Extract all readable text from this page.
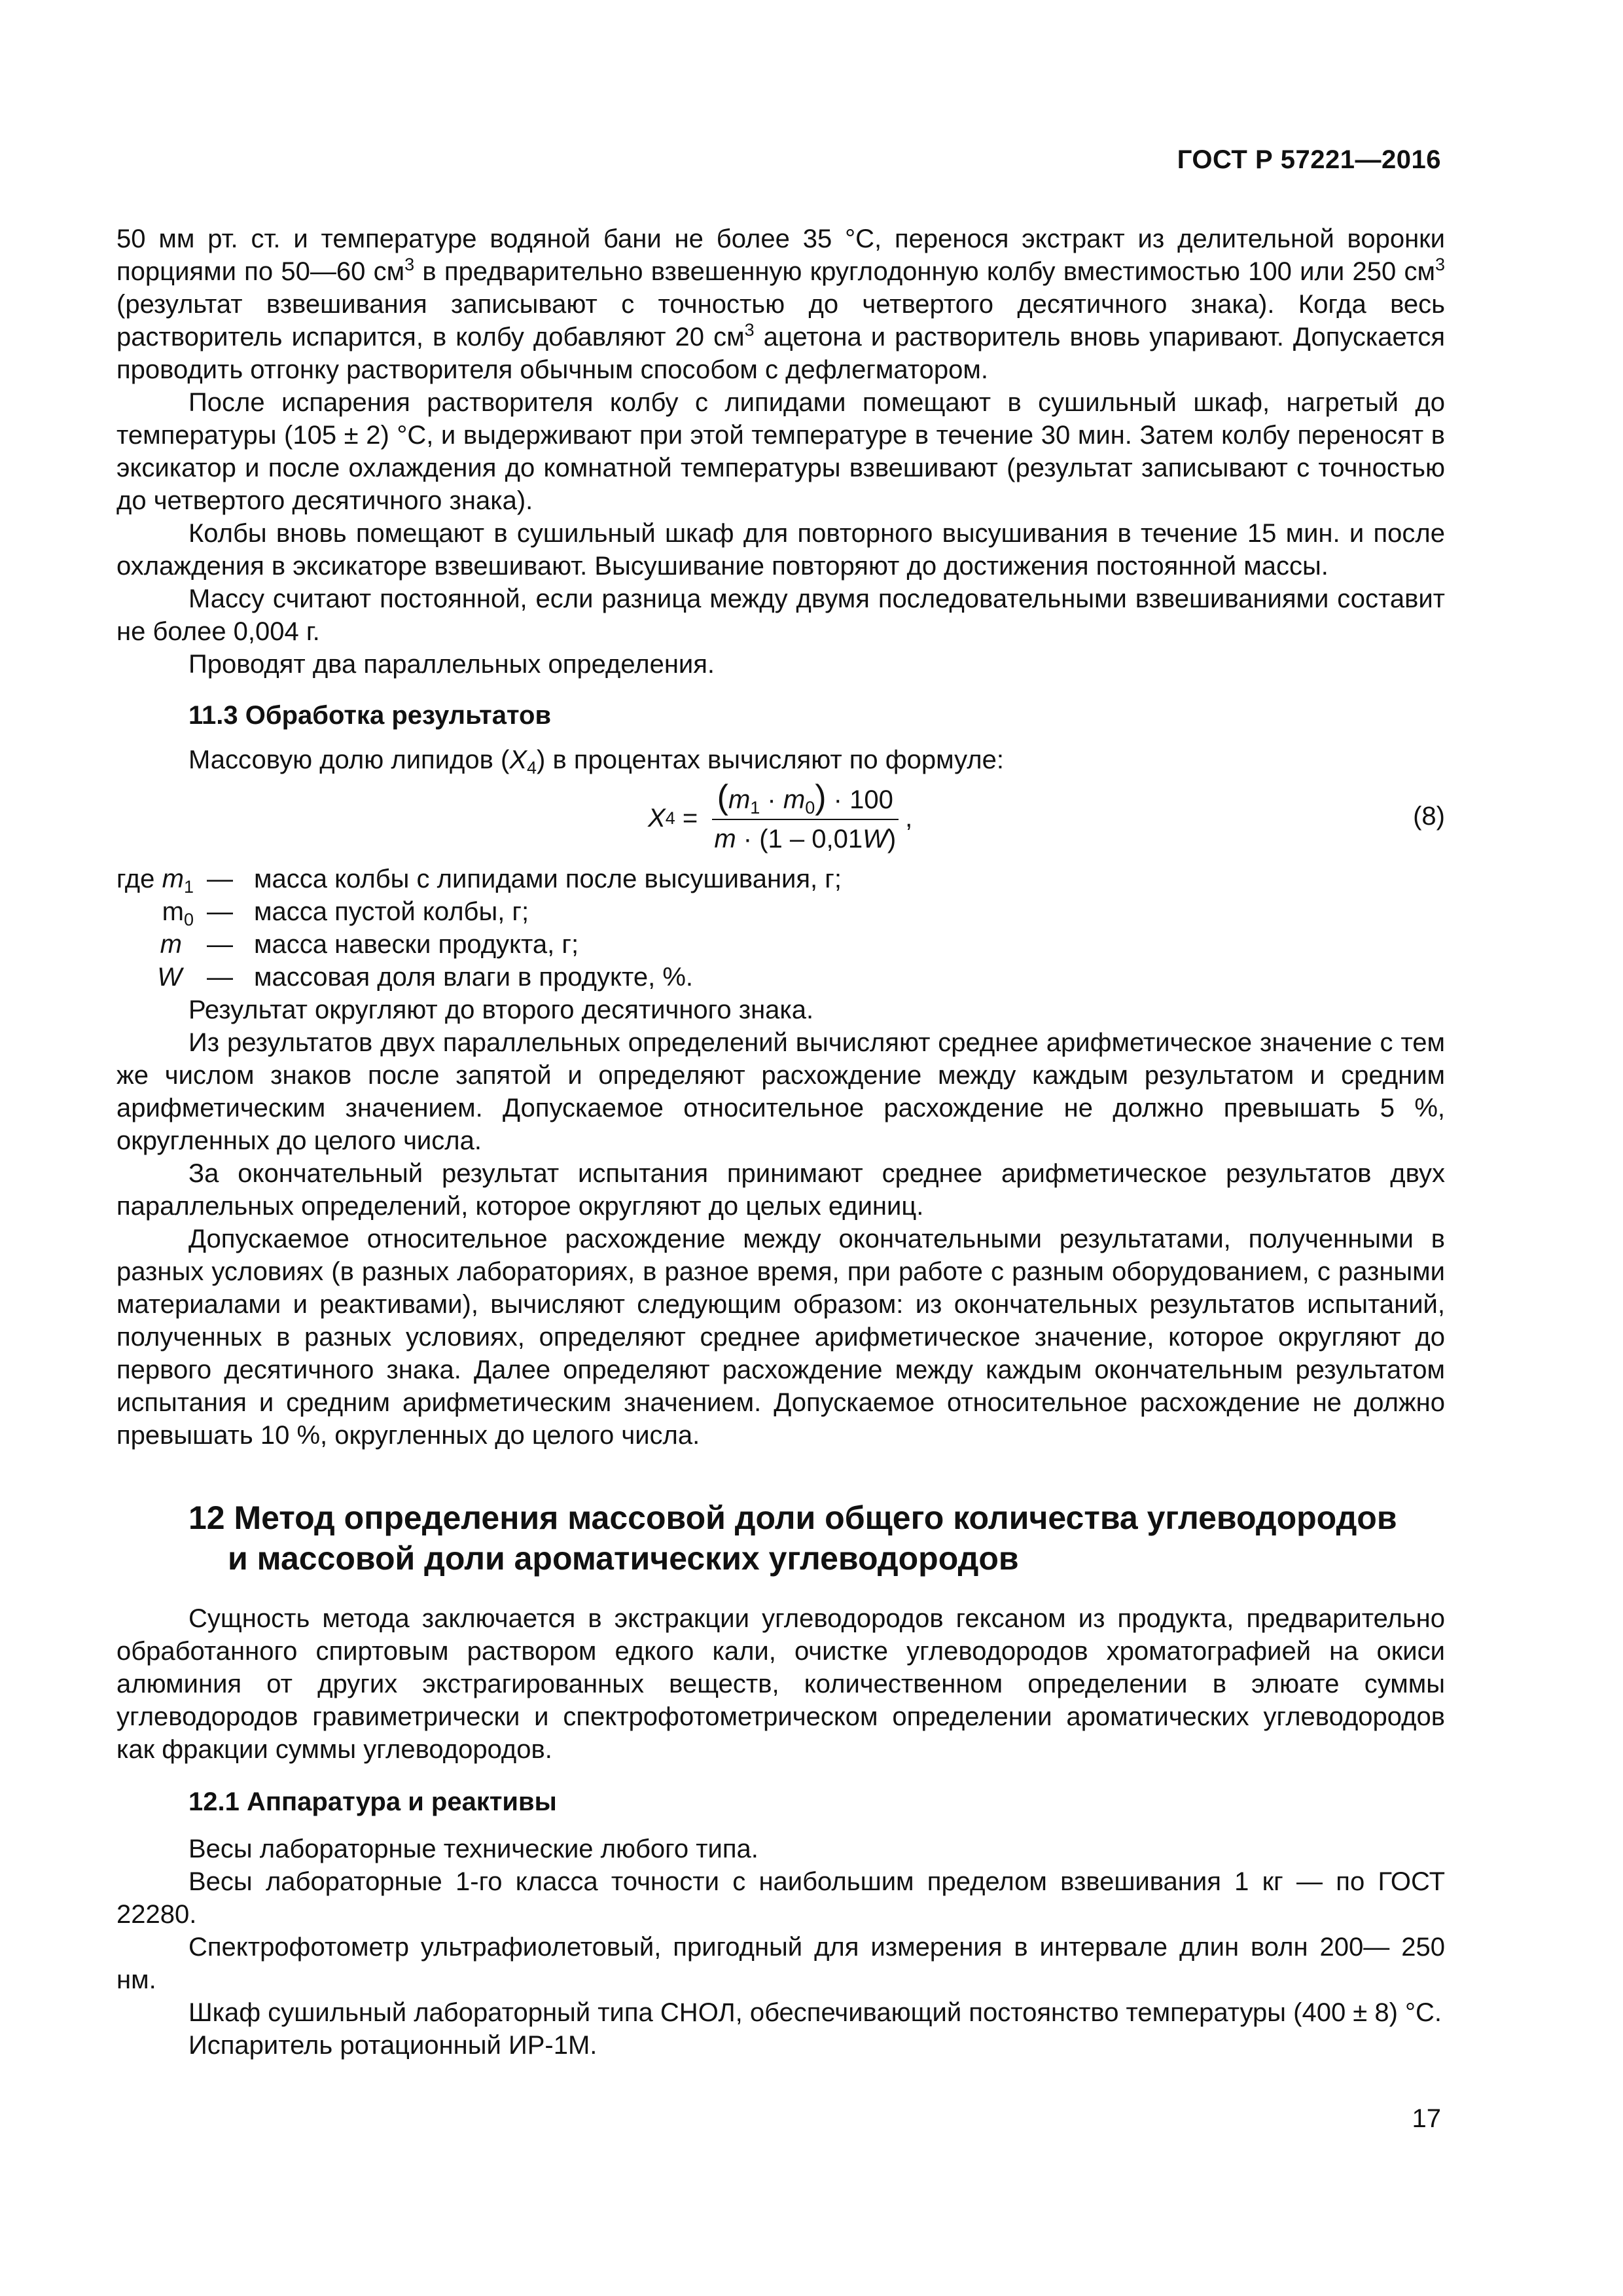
ГОСТ Р 57221—2016

50 мм рт. ст. и температуре водяной бани не более 35 °С, перенося экстракт из делительной воронки порциями по 50—60 $см^3$ в предварительно взвешенную круглодонную колбу вместимостью 100 или 250 $см^3$ (результат взвешивания записывают с точностью до четвертого десятичного знака). Когда весь растворитель испарится, в колбу добавляют 20 $см^3$ ацетона и растворитель вновь упаривают. Допускается проводить отгонку растворителя обычным способом с дефлегматором.

После испарения растворителя колбу с липидами помещают в сушильный шкаф, нагретый до температуры (105 ± 2) °С, и выдерживают при этой температуре в течение 30 мин. Затем колбу переносят в эксикатор и после охлаждения до комнатной температуры взвешивают (результат записывают с точностью до четвертого десятичного знака).

Колбы вновь помещают в сушильный шкаф для повторного высушивания в течение 15 мин. и после охлаждения в эксикаторе взвешивают. Высушивание повторяют до достижения постоянной массы.

Массу считают постоянной, если разница между двумя последовательными взвешиваниями составит не более 0,004 г.

Проводят два параллельных определения.

11.3 Обработка результатов

Массовую долю липидов $(X_4)$ в процентах вычисляют по формуле:

X $4 = \frac{(m_1 \cdot m_0) \cdot 100}{m \cdot (1 - 0,01W)}$ ,	(8)
где $m_1$ — масса колбы с липидами после высушивания, г;
$m_0$ — масса пустой колбы, г;
m — масса навески продукта, г;
W — массовая доля влаги в продукте, %.

Результат округляют до второго десятичного знака.

Из результатов двух параллельных определений вычисляют среднее арифметическое значение с тем же числом знаков после запятой и определяют расхождение между каждым результатом и средним арифметическим значением. Допускаемое относительное расхождение не должно превышать 5 %, округленных до целого числа.

За окончательный результат испытания принимают среднее арифметическое результатов двух параллельных определений, которое округляют до целых единиц.

Допускаемое относительное расхождение между окончательными результатами, полученными в разных условиях (в разных лабораториях, в разное время, при работе с разным оборудованием, с разными материалами и реактивами), вычисляют следующим образом: из окончательных результатов испытаний, полученных в разных условиях, определяют среднее арифметическое значение, которое округляют до первого десятичного знака. Далее определяют расхождение между каждым окончательным результатом испытания и средним арифметическим значением. Допускаемое относительное расхождение не должно превышать 10 %, округленных до целого числа.

12 Метод определения массовой доли общего количества углеводородов
и массовой доли ароматических углеводородов

Сущность метода заключается в экстракции углеводородов гексаном из продукта, предварительно обработанного спиртовым раствором едкого кали, очистке углеводородов хроматографией на окиси алюминия от других экстрагированных веществ, количественном определении в элюате суммы углеводородов гравиметрически и спектрофотометрическом определении ароматических углеводородов как фракции суммы углеводородов.

12.1 Аппаратура и реактивы

Весы лабораторные технические любого типа.

Весы лабораторные 1-го класса точности с наибольшим пределом взвешивания 1 кг — по ГОСТ 22280.

Спектрофотометр ультрафиолетовый, пригодный для измерения в интервале длин волн 200— 250 нм.

Шкаф сушильный лабораторный типа СНОЛ, обеспечивающий постоянство температуры (400 ± 8) °С.

Испаритель ротационный ИР-1М.

17
